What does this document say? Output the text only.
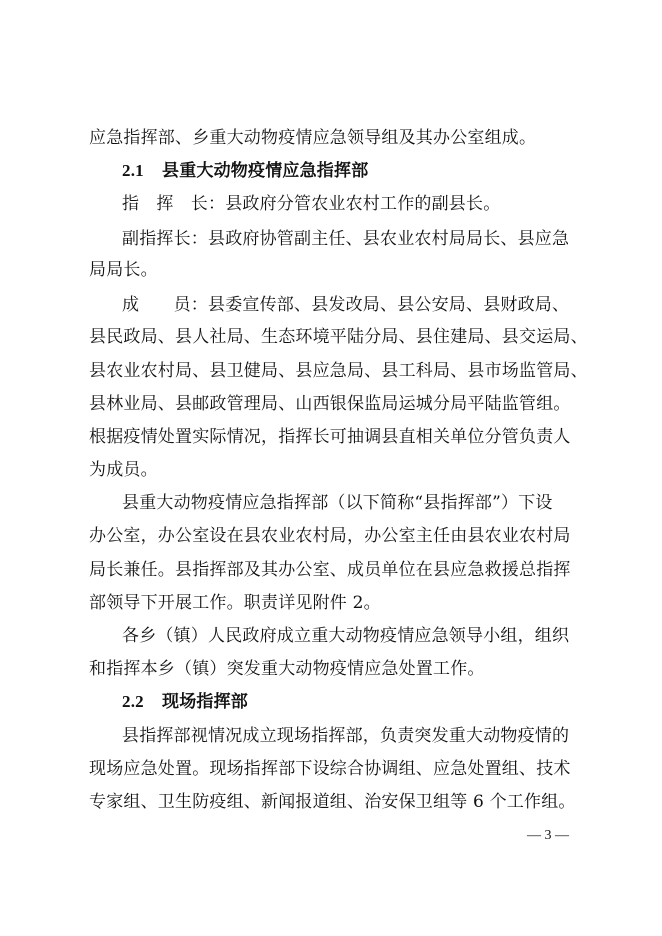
应急指挥部、乡重大动物疫情应急领导组及其办公室组成。
2.1 县重大动物疫情应急指挥部
指　挥　长：县政府分管农业农村工作的副县长。
副指挥长：县政府协管副主任、县农业农村局局长、县应急
局局长。
成　　员：县委宣传部、县发改局、县公安局、县财政局、
县民政局、县人社局、生态环境平陆分局、县住建局、县交运局、
县农业农村局、县卫健局、县应急局、县工科局、县市场监管局、
县林业局、县邮政管理局、山西银保监局运城分局平陆监管组。
根据疫情处置实际情况，指挥长可抽调县直相关单位分管负责人
为成员。
县重大动物疫情应急指挥部（以下简称“县指挥部”）下设
办公室，办公室设在县农业农村局，办公室主任由县农业农村局
局长兼任。县指挥部及其办公室、成员单位在县应急救援总指挥
部领导下开展工作。职责详见附件 2。
各乡（镇）人民政府成立重大动物疫情应急领导小组，组织
和指挥本乡（镇）突发重大动物疫情应急处置工作。
2.2 现场指挥部
县指挥部视情况成立现场指挥部，负责突发重大动物疫情的
现场应急处置。现场指挥部下设综合协调组、应急处置组、技术
专家组、卫生防疫组、新闻报道组、治安保卫组等 6 个工作组。
— 3 —
